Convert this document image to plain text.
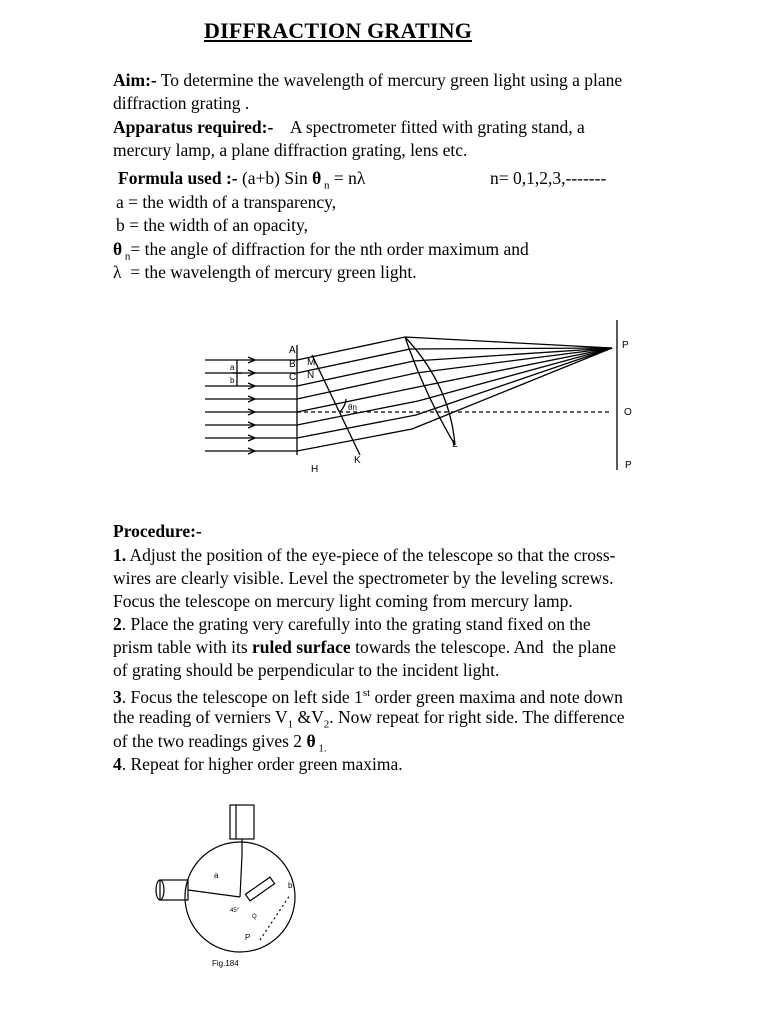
DIFFRACTION GRATING
Aim:- To determine the wavelength of mercury green light using a plane
diffraction grating .
Apparatus required:-    A spectrometer fitted with grating stand, a
mercury lamp, a plane diffraction grating, lens etc.
Formula used :- (a+b) Sin θ $_n$ = nλ	n= 0,1,2,3,-------
a = the width of a transparency,
b = the width of an opacity,
θ $_n$= the angle of diffraction for the nth order maximum and
λ  = the wavelength of mercury green light.
A
B
C
M
N
a
b
θn
H
K
L
P
O
P
Procedure:-
1. Adjust the position of the eye-piece of the telescope so that the cross-
wires are clearly visible. Level the spectrometer by the leveling screws.
Focus the telescope on mercury light coming from mercury lamp.
2. Place the grating very carefully into the grating stand fixed on the
prism table with its ruled surface towards the telescope. And  the plane
of grating should be perpendicular to the incident light.
3. Focus the telescope on left side 1st order green maxima and note down
the reading of verniers $V_1$ $\&V_2$. Now repeat for right side. The difference
of the two readings gives 2 θ $_{1.}$
4. Repeat for higher order green maxima.
a
b
P
Q
45°
Fig.184
